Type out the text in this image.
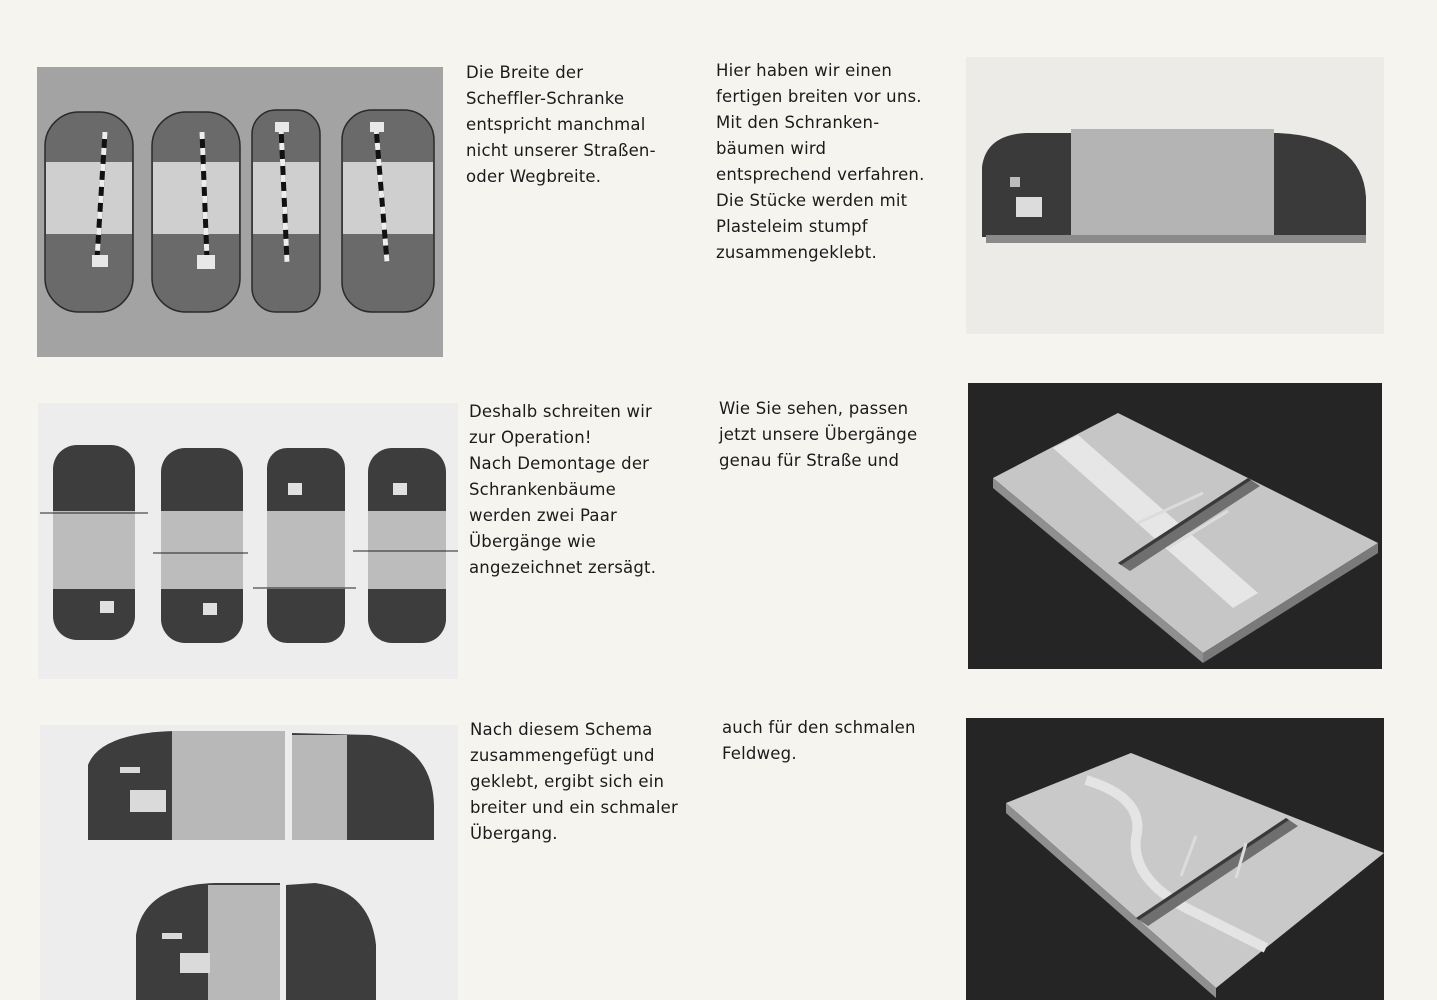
Die Breite der
Scheffler-Schranke
entspricht manchmal
nicht unserer Straßen-
oder Wegbreite.
Hier haben wir einen
fertigen breiten vor uns.
Mit den Schranken-
bäumen wird
entsprechend verfahren.
Die Stücke werden mit
Plasteleim stumpf
zusammengeklebt.
Deshalb schreiten wir
zur Operation!
Nach Demontage der
Schrankenbäume
werden zwei Paar
Übergänge wie
angezeichnet zersägt.
Wie Sie sehen, passen
jetzt unsere Übergänge
genau für Straße und
Nach diesem Schema
zusammengefügt und
geklebt, ergibt sich ein
breiter und ein schmaler
Übergang.
auch für den schmalen
Feldweg.
